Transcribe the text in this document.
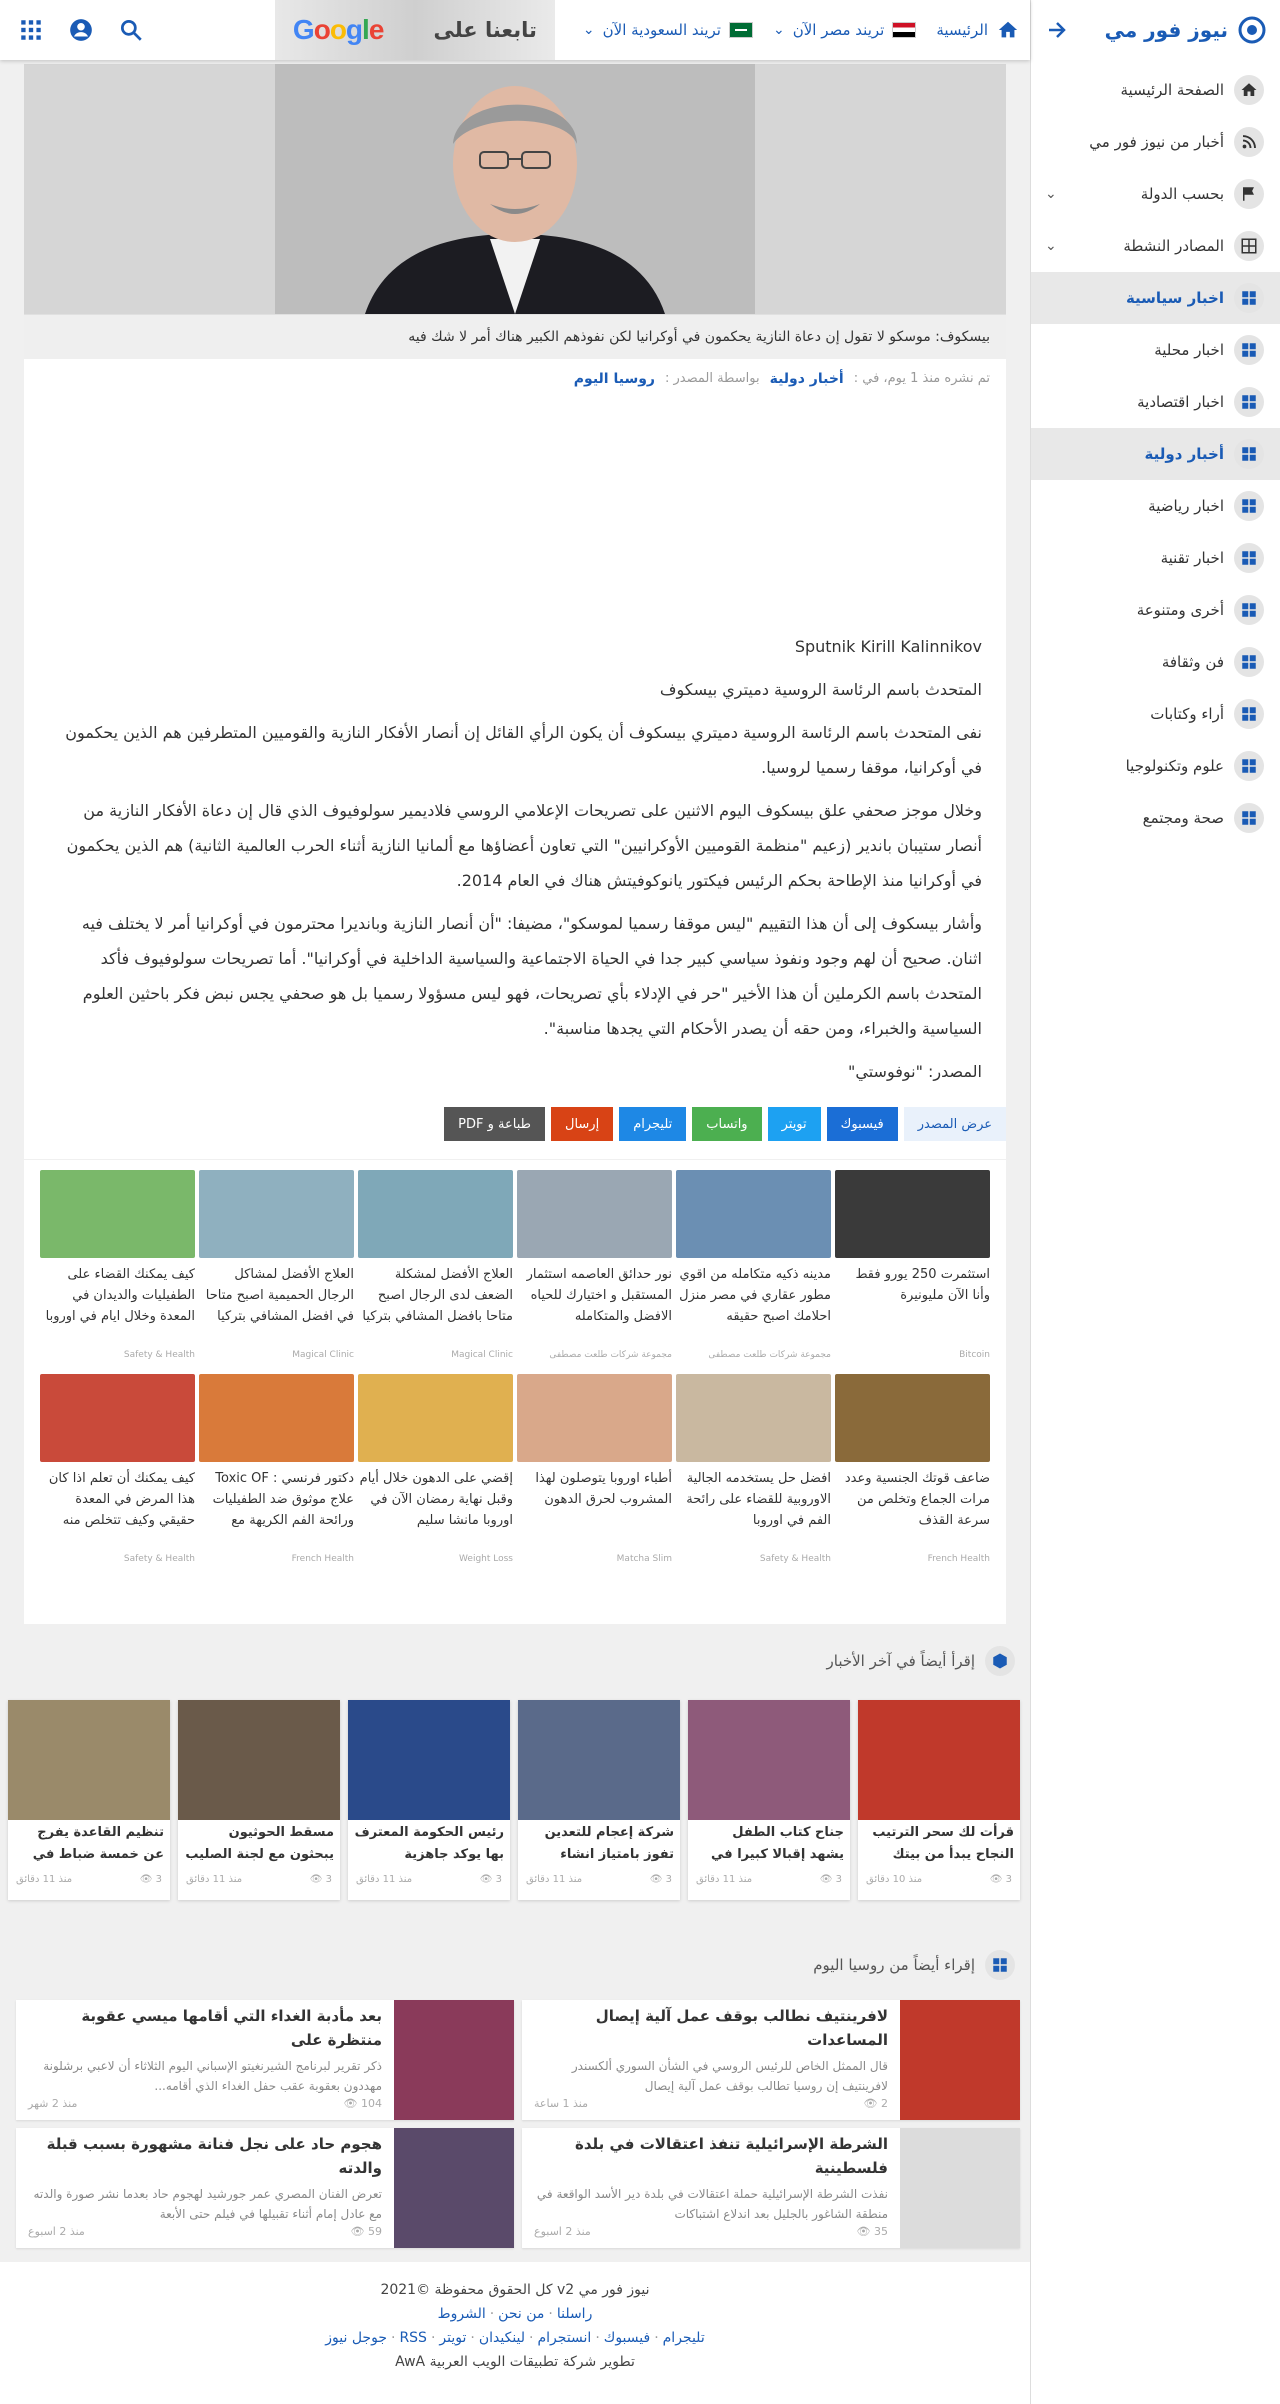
الرئيسية
تريند مصر الآن
⌄
تريند السعودية الآن
⌄
تابعنا على
Google	نيوز فور مي
الصفحة الرئيسية
أخبار من نيوز فور مي
بحسب الدولة
⌄
المصادر النشطة
⌄
اخبار سياسية
اخبار محلية
اخبار اقتصادية
أخبار دولية
اخبار رياضية
اخبار تقنية
أخرى ومتنوعة
فن وثقافة
أراء وكتابات
علوم وتكنولوجيا
صحة ومجتمع
بيسكوف: موسكو لا تقول إن دعاة النازية يحكمون في أوكرانيا لكن نفوذهم الكبير هناك أمر لا شك فيه
تم نشره منذ 1 يوم، في :
أخبار دولية
بواسطة المصدر :
روسيا اليوم

Sputnik Kirill Kalinnikov

المتحدث باسم الرئاسة الروسية دميتري بيسكوف

نفى المتحدث باسم الرئاسة الروسية دميتري بيسكوف أن يكون الرأي القائل إن أنصار الأفكار النازية والقوميين المتطرفين هم الذين يحكمون في أوكرانيا، موقفا رسميا لروسيا.

وخلال موجز صحفي علق بيسكوف اليوم الاثنين على تصريحات الإعلامي الروسي فلاديمير سولوفيوف الذي قال إن دعاة الأفكار النازية من أنصار ستيبان باندير (زعيم "منظمة القوميين الأوكرانيين" التي تعاون أعضاؤها مع ألمانيا النازية أثناء الحرب العالمية الثانية) هم الذين يحكمون في أوكرانيا منذ الإطاحة بحكم الرئيس فيكتور يانوكوفيتش هناك في العام 2014.

وأشار بيسكوف إلى أن هذا التقييم "ليس موقفا رسميا لموسكو"، مضيفا: "أن أنصار النازية وبانديرا محترمون في أوكرانيا أمر لا يختلف فيه اثنان. صحيح أن لهم وجود ونفوذ سياسي كبير جدا في الحياة الاجتماعية والسياسية الداخلية في أوكرانيا". أما تصريحات سولوفيوف فأكد المتحدث باسم الكرملين أن هذا الأخير "حر في الإدلاء بأي تصريحات، فهو ليس مسؤولا رسميا بل هو صحفي يجس نبض فكر باحثين العلوم السياسية والخبراء، ومن حقه أن يصدر الأحكام التي يجدها مناسبة".

المصدر: "نوفوستي"

عرض المصدر
فيسبوك
تويتر
واتساب
تليجرام
إرسال
طباعة و PDF
استثمرت 250 يورو فقط وأنا الآن مليونيرة
Bitcoin
مدينه ذكيه متكامله من اقوي مطور عقاري في مصر منزل احلامك اصبح حقيقه
مجموعة شركات طلعت مصطفى
نور حدائق العاصمه استثمار المستقبل و اختيارك للحياه الافضل والمتكامله
مجموعة شركات طلعت مصطفى
العلاج الأفضل لمشكلة الضعف لدى الرجال اصبح متاحا بافضل المشافي بتركيا
Magical Clinic
العلاج الأفضل لمشاكل الرجال الحميمية اصبح متاحا في افضل المشافي بتركيا
Magical Clinic
كيف يمكنك القضاء على الطفيليات والديدان في المعدة وخلال ايام في اوروبا
Safety & Health
ضاعف قوتك الجنسية وعدد مرات الجماع وتخلص من سرعة القذف
French Health
افضل حل يستخدمه الجالية الاوروبية للقضاء على رائحة الفم في اوروبا
Safety & Health
أطباء اوروبا يتوصلون لهذا المشروب لحرق الدهون
Matcha Slim
إقضي على الدهون خلال أيام وقبل نهاية رمضان الآن في اوروبا مانشا سليم
Weight Loss
دكتور فرنسي : Toxic OF علاج موثوق ضد الطفيليات ورائحة الفم الكريهة مع
French Health
كيف يمكنك أن تعلم اذا كان هذا المرض في المعدة حقيقي وكيف تتخلص منه
Safety & Health
إقرأ أيضاً في آخر الأخبار
قرأت لك سحر الترتيب النجاح يبدأ من بيتك
3 👁
منذ 10 دقائق
جناح كتاب الطفل يشهد إقبالا كبيرا في
3 👁
منذ 11 دقائق
شركة إعجام للتعدين تفوز بامتياز انشاء
3 👁
منذ 11 دقائق
رئيس الحكومة المعترف بها يوكد جاهزية
3 👁
منذ 11 دقائق
مسقط الحوثيون يبحثون مع لجنة الصليب
3 👁
منذ 11 دقائق
تنظيم القاعدة يفرج عن خمسة ضباط في
3 👁
منذ 11 دقائق
إقراء أيضاً من روسيا اليوم
لافرينتيف نطالب بوقف عمل آلية إيصال المساعدات
قال الممثل الخاص للرئيس الروسي في الشأن السوري ألكسندر لافرينتيف إن روسيا تطالب بوقف عمل آلية إيصال
2 👁
منذ 1 ساعة
بعد مأدبة الغداء التي أقامها ميسي عقوبة منتظرة على
ذكر تقرير لبرنامج الشيرنغيتو الإسباني اليوم الثلاثاء أن لاعبي برشلونة مهددون بعقوبة عقب حفل الغداء الذي أقامه...
104 👁
منذ 2 شهر
الشرطة الإسرائيلية تنفذ اعتقالات في بلدة فلسطينية
نفذت الشرطة الإسرائيلية حملة اعتقالات في بلدة دير الأسد الواقعة في منطقة الشاغور بالجليل بعد اندلاع اشتباكات
35 👁
منذ 2 اسبوع
هجوم حاد على نجل فنانة مشهورة بسبب قبلة والدته
تعرض الفنان المصري عمر جورشيد لهجوم حاد بعدما نشر صورة والدته مع عادل إمام أثناء تقبيلها في فيلم حتى الأبعة
59 👁
منذ 2 اسبوع
نيوز فور مي v2 كل الحقوق محفوظة ©2021
راسلنا·من نحن·الشروط
تليجرام·فيسبوك·انستجرام·لينكيدان·تويتر·RSS·جوجل نيوز
تطوير شركة تطبيقات الويب العربية AwA
